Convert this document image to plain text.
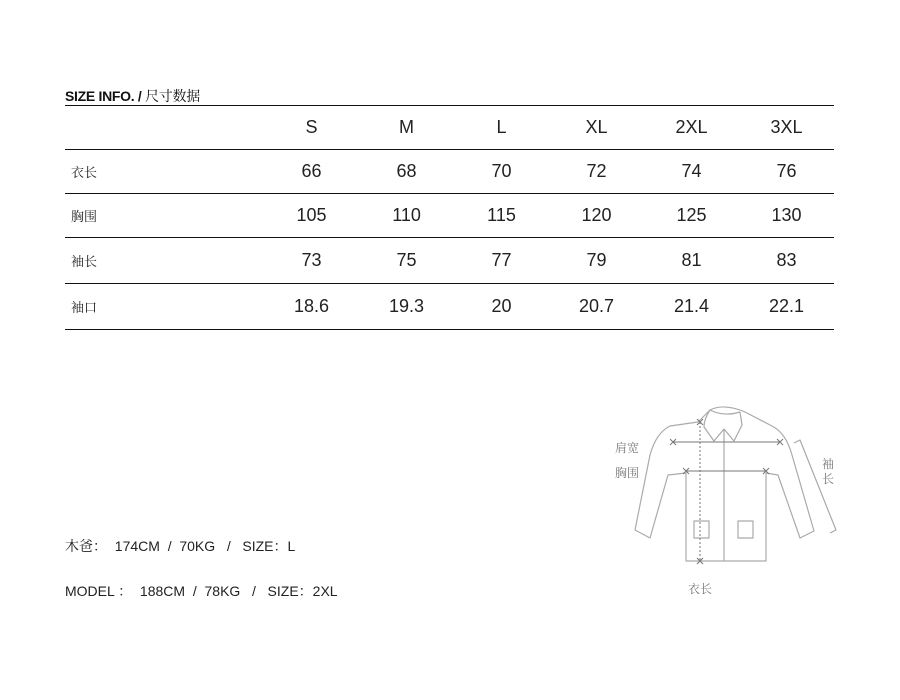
SIZE INFO. / 尺寸数据
	S	M	L	XL	2XL	3XL
衣长	66	68	70	72	74	76
胸围	105	110	115	120	125	130
袖长	73	75	77	79	81	83
袖口	18.6	19.3	20	20.7	21.4	22.1
木爸：  174CM  /  70KG   /   SIZE：L
MODEL ：  188CM  /  78KG   /   SIZE：2XL
肩宽
胸围
袖
长
衣长
